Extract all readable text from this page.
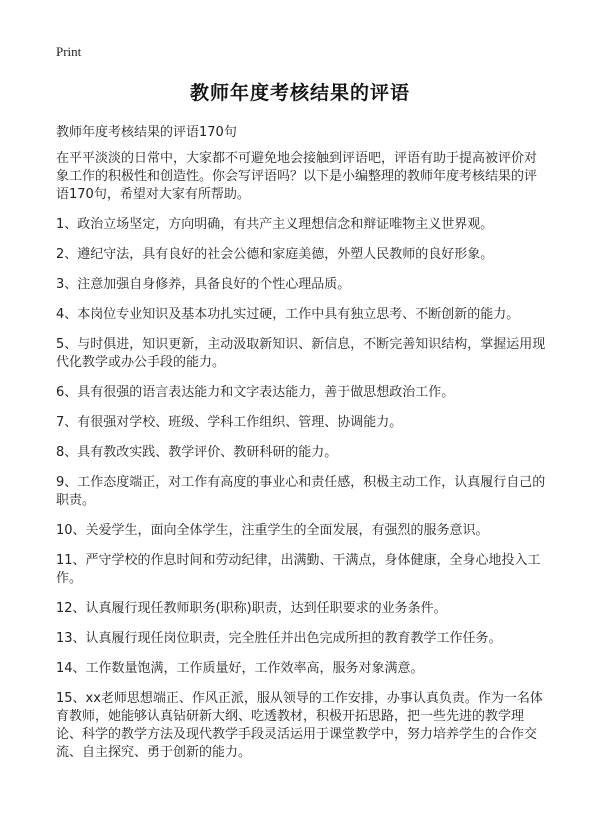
Print
教师年度考核结果的评语
教师年度考核结果的评语170句

在平平淡淡的日常中，大家都不可避免地会接触到评语吧，评语有助于提高被评价对象工作的积极性和创造性。你会写评语吗？以下是小编整理的教师年度考核结果的评语170句，希望对大家有所帮助。

1、政治立场坚定，方向明确，有共产主义理想信念和辩证唯物主义世界观。

2、遵纪守法，具有良好的社会公德和家庭美德，外塑人民教师的良好形象。

3、注意加强自身修养，具备良好的个性心理品质。

4、本岗位专业知识及基本功扎实过硬，工作中具有独立思考、不断创新的能力。

5、与时俱进，知识更新，主动汲取新知识、新信息，不断完善知识结构，掌握运用现代化教学或办公手段的能力。

6、具有很强的语言表达能力和文字表达能力，善于做思想政治工作。

7、有很强对学校、班级、学科工作组织、管理、协调能力。

8、具有教改实践、教学评价、教研科研的能力。

9、工作态度端正，对工作有高度的事业心和责任感，积极主动工作，认真履行自己的职责。

10、关爱学生，面向全体学生，注重学生的全面发展，有强烈的服务意识。

11、严守学校的作息时间和劳动纪律，出满勤、干满点，身体健康，全身心地投入工作。

12、认真履行现任教师职务(职称)职责，达到任职要求的业务条件。

13、认真履行现任岗位职责，完全胜任并出色完成所担的教育教学工作任务。

14、工作数量饱满，工作质量好，工作效率高，服务对象满意。

15、xx老师思想端正、作风正派，服从领导的工作安排，办事认真负责。作为一名体育教师，她能够认真钻研新大纲、吃透教材，积极开拓思路，把一些先进的教学理论、科学的教学方法及现代教学手段灵活运用于课堂教学中，努力培养学生的合作交流、自主探究、勇于创新的能力。
